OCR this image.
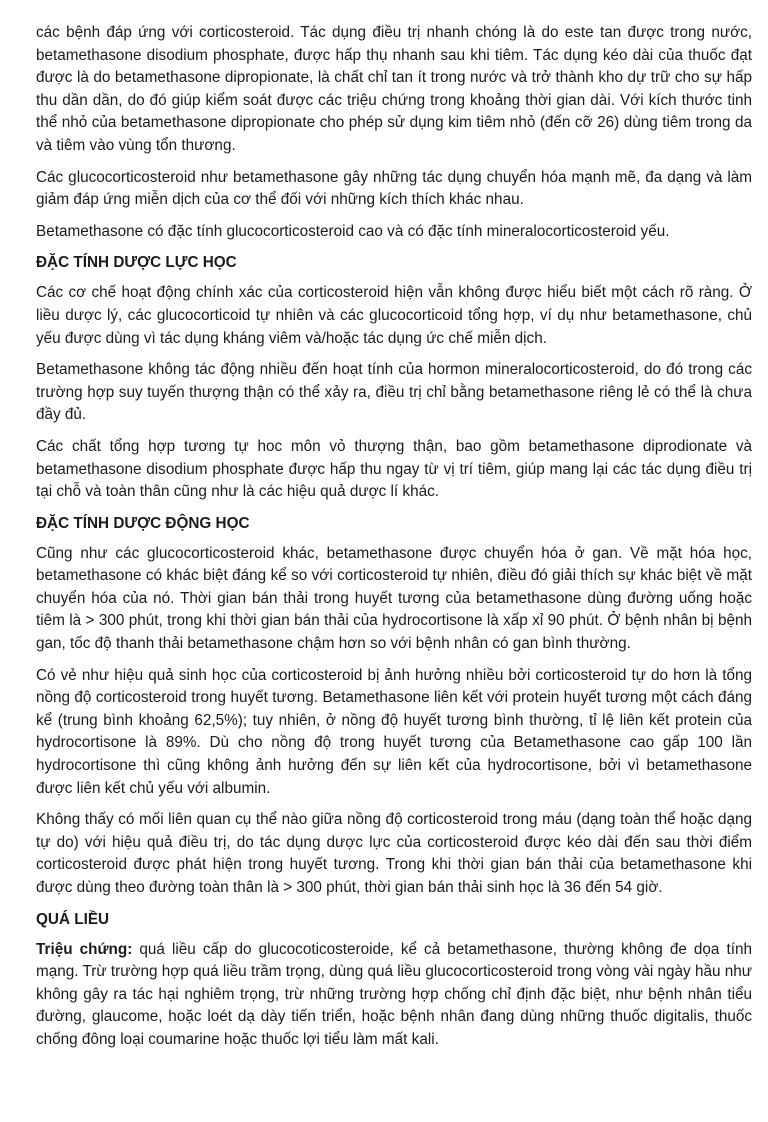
các bệnh đáp ứng với corticosteroid. Tác dụng điều trị nhanh chóng là do este tan được trong nước, betamethasone disodium phosphate, được hấp thụ nhanh sau khi tiêm. Tác dụng kéo dài của thuốc đạt được là do betamethasone dipropionate, là chất chỉ tan ít trong nước và trở thành kho dự trữ cho sự hấp thu dần dần, do đó giúp kiểm soát được các triệu chứng trong khoảng thời gian dài. Với kích thước tinh thể nhỏ của betamethasone dipropionate cho phép sử dụng kim tiêm nhỏ (đến cỡ 26) dùng tiêm trong da và tiêm vào vùng tổn thương.

Các glucocorticosteroid như betamethasone gây những tác dụng chuyển hóa mạnh mẽ, đa dạng và làm giảm đáp ứng miễn dịch của cơ thể đối với những kích thích khác nhau.

Betamethasone có đặc tính glucocorticosteroid cao và có đặc tính mineralocorticosteroid yếu.

ĐẶC TÍNH DƯỢC LỰC HỌC

Các cơ chế hoạt động chính xác của corticosteroid hiện vẫn không được hiểu biết một cách rõ ràng. Ở liều dược lý, các glucocorticoid tự nhiên và các glucocorticoid tổng hợp, ví dụ như betamethasone, chủ yếu được dùng vì tác dụng kháng viêm và/hoặc tác dụng ức chế miễn dịch.

Betamethasone không tác động nhiều đến hoạt tính của hormon mineralocorticosteroid, do đó trong các trường hợp suy tuyến thượng thận có thể xảy ra, điều trị chỉ bằng betamethasone riêng lẻ có thể là chưa đầy đủ.

Các chất tổng hợp tương tự hoc môn vỏ thượng thận, bao gồm betamethasone diprodionate và betamethasone disodium phosphate được hấp thu ngay từ vị trí tiêm, giúp mang lại các tác dụng điều trị tại chỗ và toàn thân cũng như là các hiệu quả dược lí khác.

ĐẶC TÍNH DƯỢC ĐỘNG HỌC

Cũng như các glucocorticosteroid khác, betamethasone được chuyển hóa ở gan. Về mặt hóa học, betamethasone có khác biệt đáng kể so với corticosteroid tự nhiên, điều đó giải thích sự khác biệt về mặt chuyển hóa của nó. Thời gian bán thải trong huyết tương của betamethasone dùng đường uống hoặc tiêm là > 300 phút, trong khi thời gian bán thải của hydrocortisone là xấp xỉ 90 phút. Ở bệnh nhân bị bệnh gan, tốc độ thanh thải betamethasone chậm hơn so với bệnh nhân có gan bình thường.

Có vẻ như hiệu quả sinh học của corticosteroid bị ảnh hưởng nhiều bởi corticosteroid tự do hơn là tổng nồng độ corticosteroid trong huyết tương. Betamethasone liên kết với protein huyết tương một cách đáng kể (trung bình khoảng 62,5%); tuy nhiên, ở nồng độ huyết tương bình thường, tỉ lệ liên kết protein của hydrocortisone là 89%. Dù cho nồng độ trong huyết tương của Betamethasone cao gấp 100 lần hydrocortisone thì cũng không ảnh hưởng đến sự liên kết của hydrocortisone, bởi vì betamethasone được liên kết chủ yếu với albumin.

Không thấy có mối liên quan cụ thể nào giữa nồng độ corticosteroid trong máu (dạng toàn thể hoặc dạng tự do) với hiệu quả điều trị, do tác dụng dược lực của corticosteroid được kéo dài đến sau thời điểm corticosteroid được phát hiện trong huyết tương. Trong khi thời gian bán thải của betamethasone khi được dùng theo đường toàn thân là > 300 phút, thời gian bán thải sinh học là 36 đến 54 giờ.

QUÁ LIỀU

Triệu chứng: quá liều cấp do glucocoticosteroide, kể cả betamethasone, thường không đe dọa tính mạng. Trừ trường hợp quá liều trầm trọng, dùng quá liều glucocorticosteroid trong vòng vài ngày hầu như không gây ra tác hại nghiêm trọng, trừ những trường hợp chống chỉ định đặc biệt, như bệnh nhân tiểu đường, glaucome, hoặc loét dạ dày tiến triển, hoặc bệnh nhân đang dùng những thuốc digitalis, thuốc chống đông loại coumarine hoặc thuốc lợi tiểu làm mất kali.
